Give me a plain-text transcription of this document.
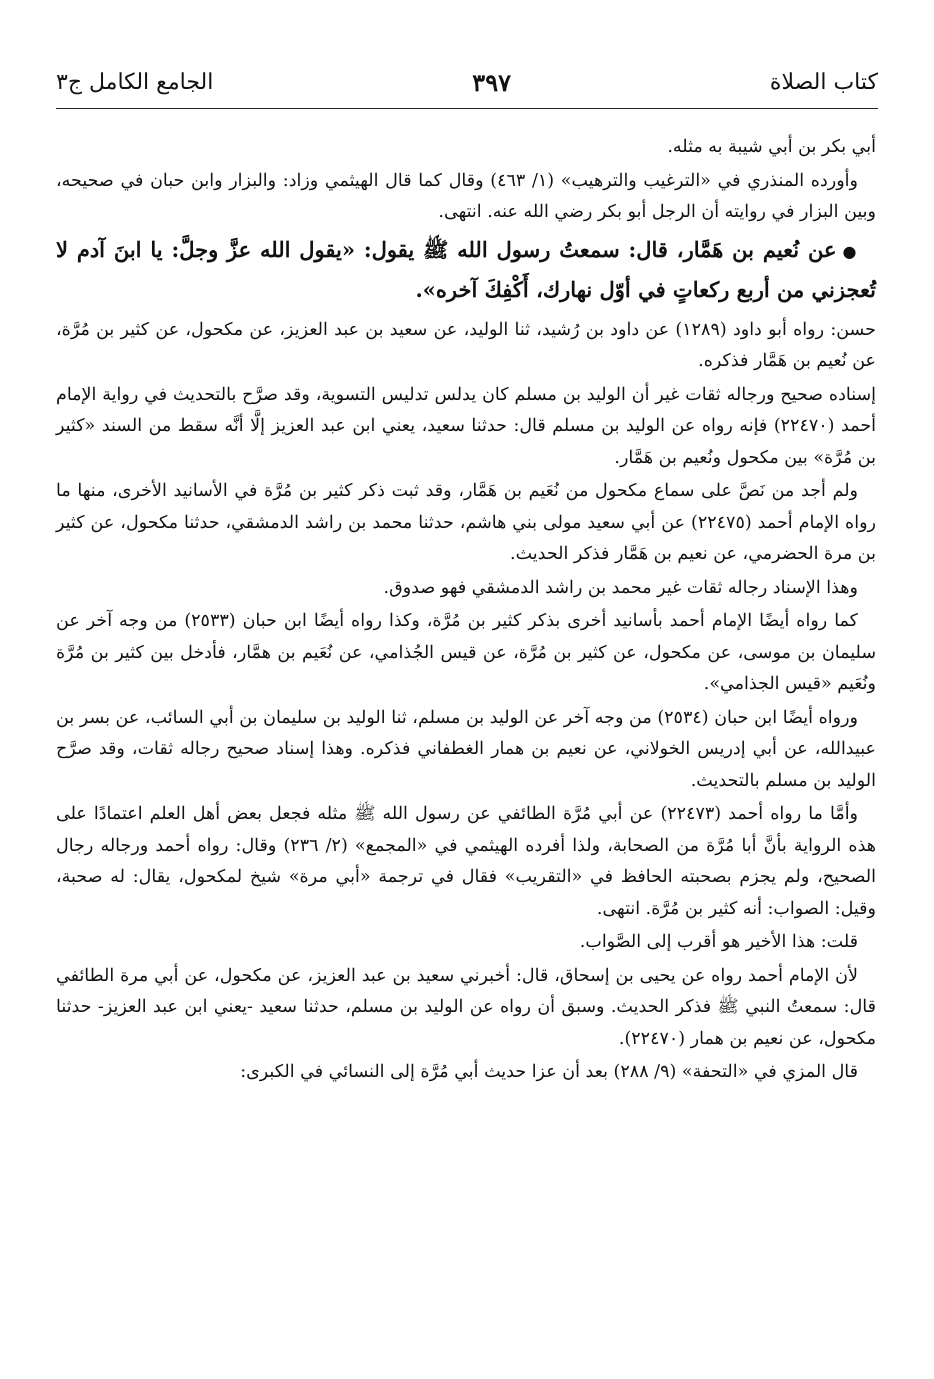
كتاب الصلاة
٣٩٧
الجامع الكامل ج٣

أبي بكر بن أبي شيبة به مثله.

وأورده المنذري في «الترغيب والترهيب» (١/ ٤٦٣) وقال كما قال الهيثمي وزاد: والبزار وابن حبان في صحيحه، وبين البزار في روايته أن الرجل أبو بكر رضي الله عنه. انتهى.

●عن نُعيم بن هَمَّار، قال: سمعتُ رسول الله ﷺ يقول: «يقول الله عزَّ وجلَّ: يا ابنَ آدم لا تُعجزني من أربع ركعاتٍ في أوّل نهارك، أَكْفِكَ آخره».

حسن: رواه أبو داود (١٢٨٩) عن داود بن رُشيد، ثنا الوليد، عن سعيد بن عبد العزيز، عن مكحول، عن كثير بن مُرَّة، عن نُعيم بن هَمَّار فذكره.

إسناده صحيح ورجاله ثقات غير أن الوليد بن مسلم كان يدلس تدليس التسوية، وقد صرَّح بالتحديث في رواية الإمام أحمد (٢٢٤٧٠) فإنه رواه عن الوليد بن مسلم قال: حدثنا سعيد، يعني ابن عبد العزيز إلَّا أنَّه سقط من السند «كثير بن مُرَّة» بين مكحول ونُعيم بن هَمَّار.

ولم أجد من نَصَّ على سماع مكحول من نُعَيم بن هَمَّار، وقد ثبت ذكر كثير بن مُرَّة في الأسانيد الأخرى، منها ما رواه الإمام أحمد (٢٢٤٧٥) عن أبي سعيد مولى بني هاشم، حدثنا محمد بن راشد الدمشقي، حدثنا مكحول، عن كثير بن مرة الحضرمي، عن نعيم بن هَمَّار فذكر الحديث.

وهذا الإسناد رجاله ثقات غير محمد بن راشد الدمشقي فهو صدوق.

كما رواه أيضًا الإمام أحمد بأسانيد أخرى بذكر كثير بن مُرَّة، وكذا رواه أيضًا ابن حبان (٢٥٣٣) من وجه آخر عن سليمان بن موسى، عن مكحول، عن كثير بن مُرَّة، عن قيس الجُذامي، عن نُعَيم بن همَّار، فأدخل بين كثير بن مُرَّة ونُعَيم «قيس الجذامي».

ورواه أيضًا ابن حبان (٢٥٣٤) من وجه آخر عن الوليد بن مسلم، ثنا الوليد بن سليمان بن أبي السائب، عن بسر بن عبيدالله، عن أبي إدريس الخولاني، عن نعيم بن همار الغطفاني فذكره. وهذا إسناد صحيح رجاله ثقات، وقد صرَّح الوليد بن مسلم بالتحديث.

وأمَّا ما رواه أحمد (٢٢٤٧٣) عن أبي مُرَّة الطائفي عن رسول الله ﷺ مثله فجعل بعض أهل العلم اعتمادًا على هذه الرواية بأنَّ أبا مُرَّة من الصحابة، ولذا أفرده الهيثمي في «المجمع» (٢/ ٢٣٦) وقال: رواه أحمد ورجاله رجال الصحيح، ولم يجزم بصحبته الحافظ في «التقريب» فقال في ترجمة «أبي مرة» شيخ لمكحول، يقال: له صحبة، وقيل: الصواب: أنه كثير بن مُرَّة. انتهى.

قلت: هذا الأخير هو أقرب إلى الصَّواب.

لأن الإمام أحمد رواه عن يحيى بن إسحاق، قال: أخبرني سعيد بن عبد العزيز، عن مكحول، عن أبي مرة الطائفي قال: سمعتُ النبي ﷺ فذكر الحديث. وسبق أن رواه عن الوليد بن مسلم، حدثنا سعيد -يعني ابن عبد العزيز- حدثنا مكحول، عن نعيم بن همار (٢٢٤٧٠).

قال المزي في «التحفة» (٩/ ٢٨٨) بعد أن عزا حديث أبي مُرَّة إلى النسائي في الكبرى:
